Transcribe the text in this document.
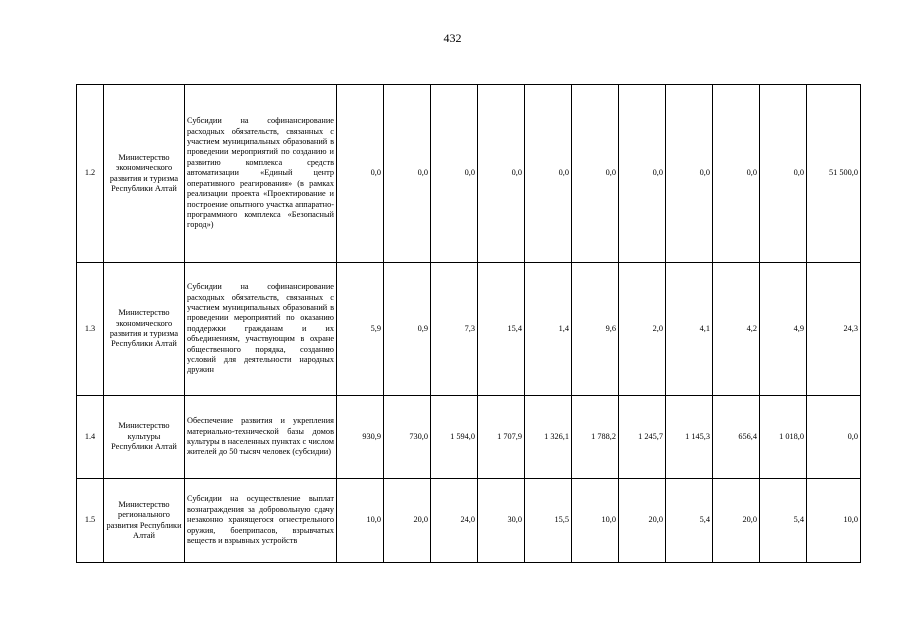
432
1.2	Министерство экономического развития и туризма Республики Алтай	Субсидии на софинансирование расходных обязательств, связанных с участием муниципальных образований в проведении мероприятий по созданию и развитию комплекса средств автоматизации «Единый центр оперативного реагирования» (в рамках реализации проекта «Проектирование и построение опытного участка аппаратно-программного комплекса «Безопасный город»)	0,0	0,0	0,0	0,0	0,0	0,0	0,0	0,0	0,0	0,0	51 500,0
1.3	Министерство экономического развития и туризма Республики Алтай	Субсидии на софинансирование расходных обязательств, связанных с участием муниципальных образований в проведении мероприятий по оказанию поддержки гражданам и их объединениям, участвующим в охране общественного порядка, созданию условий для деятельности народных дружин	5,9	0,9	7,3	15,4	1,4	9,6	2,0	4,1	4,2	4,9	24,3
1.4	Министерство культуры Республики Алтай	Обеспечение развития и укрепления материально-технической базы домов культуры в населенных пунктах с числом жителей до 50 тысяч человек (субсидии)	930,9	730,0	1 594,0	1 707,9	1 326,1	1 788,2	1 245,7	1 145,3	656,4	1 018,0	0,0
1.5	Министерство регионального развития Республики Алтай	Субсидии на осуществление выплат вознаграждения за добровольную сдачу незаконно хранящегося огнестрельного оружия, боеприпасов, взрывчатых веществ и взрывных устройств	10,0	20,0	24,0	30,0	15,5	10,0	20,0	5,4	20,0	5,4	10,0
